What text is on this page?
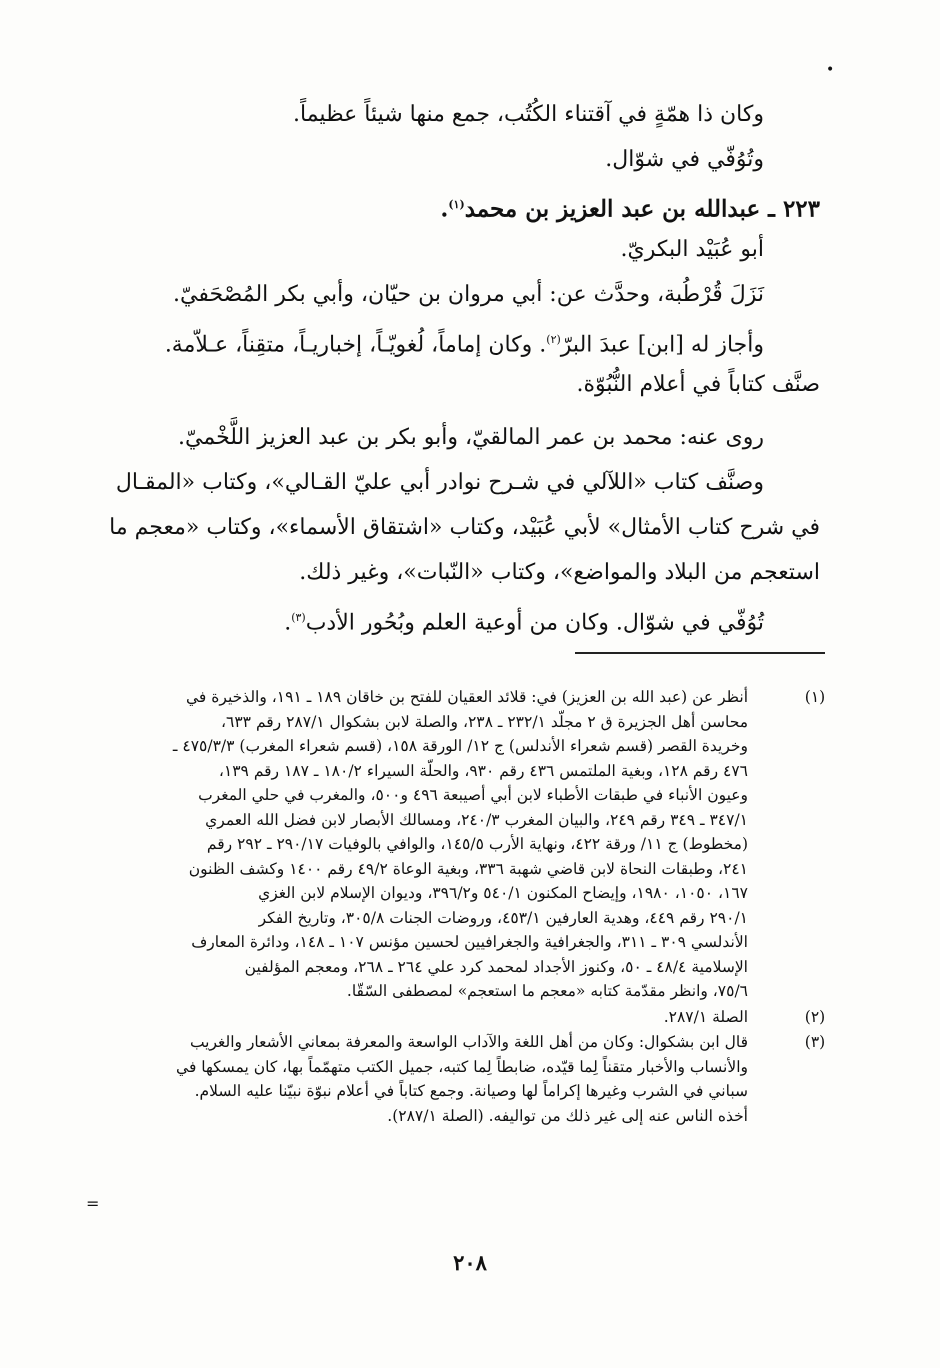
•
وكان ذا همّةٍ في آقتناء الكُتُب، جمع منها شيئاً عظيماً.
وتُوُفّي في شوّال.
٢٢٣ ـ عبدالله بن عبد العزيز بن محمد$^{(١)}$.
أبو عُبَيْد البكريّ.
نَزَلَ قُرْطُبة، وحدَّث عن: أبي مروان بن حيّان، وأبي بكر المُصْحَفيّ.
وأجاز له [ابن] عبدَ البرّ$^{(٢)}$. وكان إماماً، لُغويّـاً، إخباريـاً، متقِناً، عـلاّمة.
صنَّف كتاباً في أعلام النُّبُوّة.
روى عنه: محمد بن عمر المالقيّ، وأبو بكر بن عبد العزيز اللَّخْميّ.
وصنَّف كتاب «اللآلي في شـرح نوادر أبي عليّ القـالي»، وكتاب «المقـال
في شرح كتاب الأمثال» لأبي عُبَيْد، وكتاب «اشتقاق الأسماء»، وكتاب «معجم ما
استعجم من البلاد والمواضع»، وكتاب «النّبات»، وغير ذلك.
تُوُفّي في شوّال. وكان من أوعية العلم وبُحُور الأدب$^{(٣)}$.
(١)
أنظر عن (عبد الله بن العزيز) في: قلائد العقيان للفتح بن خاقان ١٨٩ ـ ١٩١، والذخيرة في
محاسن أهل الجزيرة ق ٢ مجلّد ٢٣٢/١ ـ ٢٣٨، والصلة لابن بشكوال ٢٨٧/١ رقم ٦٣٣،
وخريدة القصر (قسم شعراء الأندلس) ج ١٢/ الورقة ١٥٨، (قسم شعراء المغرب) ٤٧٥/٣/٣ ـ
٤٧٦ رقم ١٢٨، وبغية الملتمس ٤٣٦ رقم ٩٣٠، والحلّة السيراء ١٨٠/٢ ـ ١٨٧ رقم ١٣٩،
وعيون الأنباء في طبقات الأطباء لابن أبي أصيبعة ٤٩٦ و٥٠٠، والمغرب في حلي المغرب
٣٤٧/١ ـ ٣٤٩ رقم ٢٤٩، والبيان المغرب ٢٤٠/٣، ومسالك الأبصار لابن فضل الله العمري
(مخطوط) ج ١١/ ورقة ٤٢٢، ونهاية الأرب ١٤٥/٥، والوافي بالوفيات ٢٩٠/١٧ ـ ٢٩٢ رقم
٢٤١، وطبقات النحاة لابن قاضي شهبة ٣٣٦، وبغية الوعاة ٤٩/٢ رقم ١٤٠٠ وكشف الظنون
١٦٧، ١٠٥٠، ١٩٨٠، وإيضاح المكنون ٥٤٠/١ و٣٩٦/٢، وديوان الإسلام لابن الغزي
٢٩٠/١ رقم ٤٤٩، وهدية العارفين ٤٥٣/١، وروضات الجنات ٣٠٥/٨، وتاريخ الفكر
الأندلسي ٣٠٩ ـ ٣١١، والجغرافية والجغرافيين لحسين مؤنس ١٠٧ ـ ١٤٨، ودائرة المعارف
الإسلامية ٤٨/٤ ـ ٥٠، وكنوز الأجداد لمحمد كرد علي ٢٦٤ ـ ٢٦٨، ومعجم المؤلفين
٧٥/٦، وانظر مقدّمة كتابه «معجم ما استعجم» لمصطفى السّقّا.
(٢)
الصلة ٢٨٧/١.
(٣)
قال ابن بشكوال: وكان من أهل اللغة والآداب الواسعة والمعرفة بمعاني الأشعار والغريب
والأنساب والأخبار متقناً لِما قيّده، ضابطاً لِما كتبه، جميل الكتب متهمّماً بها، كان يمسكها في
سباني في الشرب وغيرها إكراماً لها وصيانة. وجمع كتاباً في أعلام نبوّة نبيّنا عليه السلام.
أخذه الناس عنه إلى غير ذلك من تواليفه. (الصلة ٢٨٧/١).
=
٢٠٨
